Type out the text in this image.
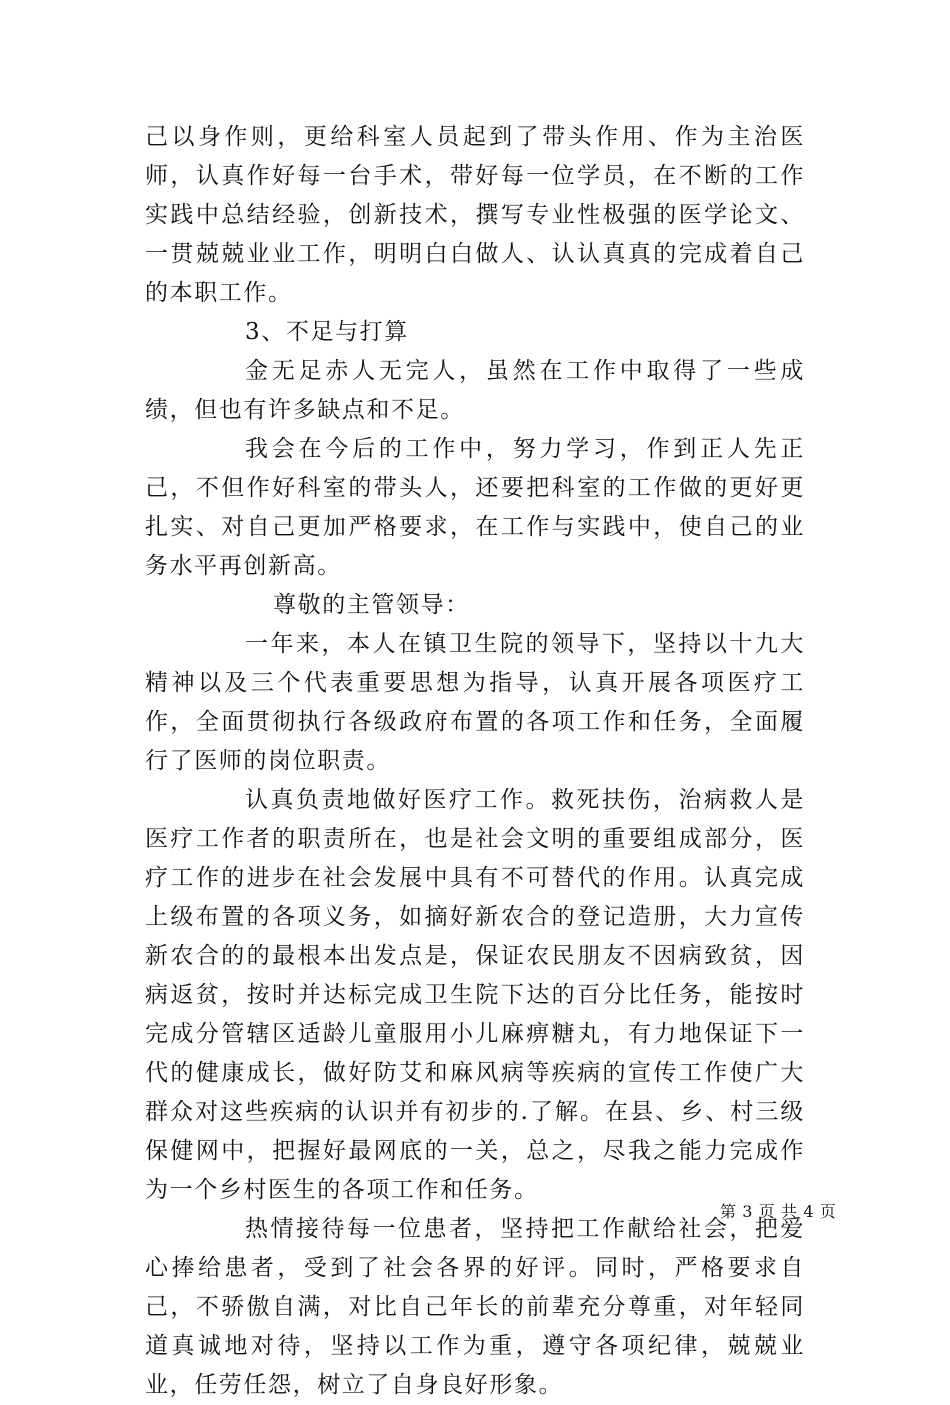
己以身作则，更给科室人员起到了带头作用、作为主治医师，认真作好每一台手术，带好每一位学员，在不断的工作实践中总结经验，创新技术，撰写专业性极强的医学论文、一贯兢兢业业工作，明明白白做人、认认真真的完成着自己的本职工作。

3、不足与打算

金无足赤人无完人，虽然在工作中取得了一些成绩，但也有许多缺点和不足。

我会在今后的工作中，努力学习，作到正人先正己，不但作好科室的带头人，还要把科室的工作做的更好更扎实、对自己更加严格要求，在工作与实践中，使自己的业务水平再创新高。

尊敬的主管领导：

一年来，本人在镇卫生院的领导下，坚持以十九大精神以及三个代表重要思想为指导，认真开展各项医疗工作，全面贯彻执行各级政府布置的各项工作和任务，全面履行了医师的岗位职责。

认真负责地做好医疗工作。救死扶伤，治病救人是医疗工作者的职责所在，也是社会文明的重要组成部分，医疗工作的进步在社会发展中具有不可替代的作用。认真完成上级布置的各项义务，如摘好新农合的登记造册，大力宣传新农合的的最根本出发点是，保证农民朋友不因病致贫，因病返贫，按时并达标完成卫生院下达的百分比任务，能按时完成分管辖区适龄儿童服用小儿麻痹糖丸，有力地保证下一代的健康成长，做好防艾和麻风病等疾病的宣传工作使广大群众对这些疾病的认识并有初步的.了解。在县、乡、村三级保健网中，把握好最网底的一关，总之，尽我之能力完成作为一个乡村医生的各项工作和任务。

热情接待每一位患者，坚持把工作献给社会，把爱心捧给患者，受到了社会各界的好评。同时，严格要求自己，不骄傲自满，对比自己年长的前辈充分尊重，对年轻同道真诚地对待，坚持以工作为重，遵守各项纪律，兢兢业业，任劳任怨，树立了自身良好形象。

第 3 页 共 4 页
